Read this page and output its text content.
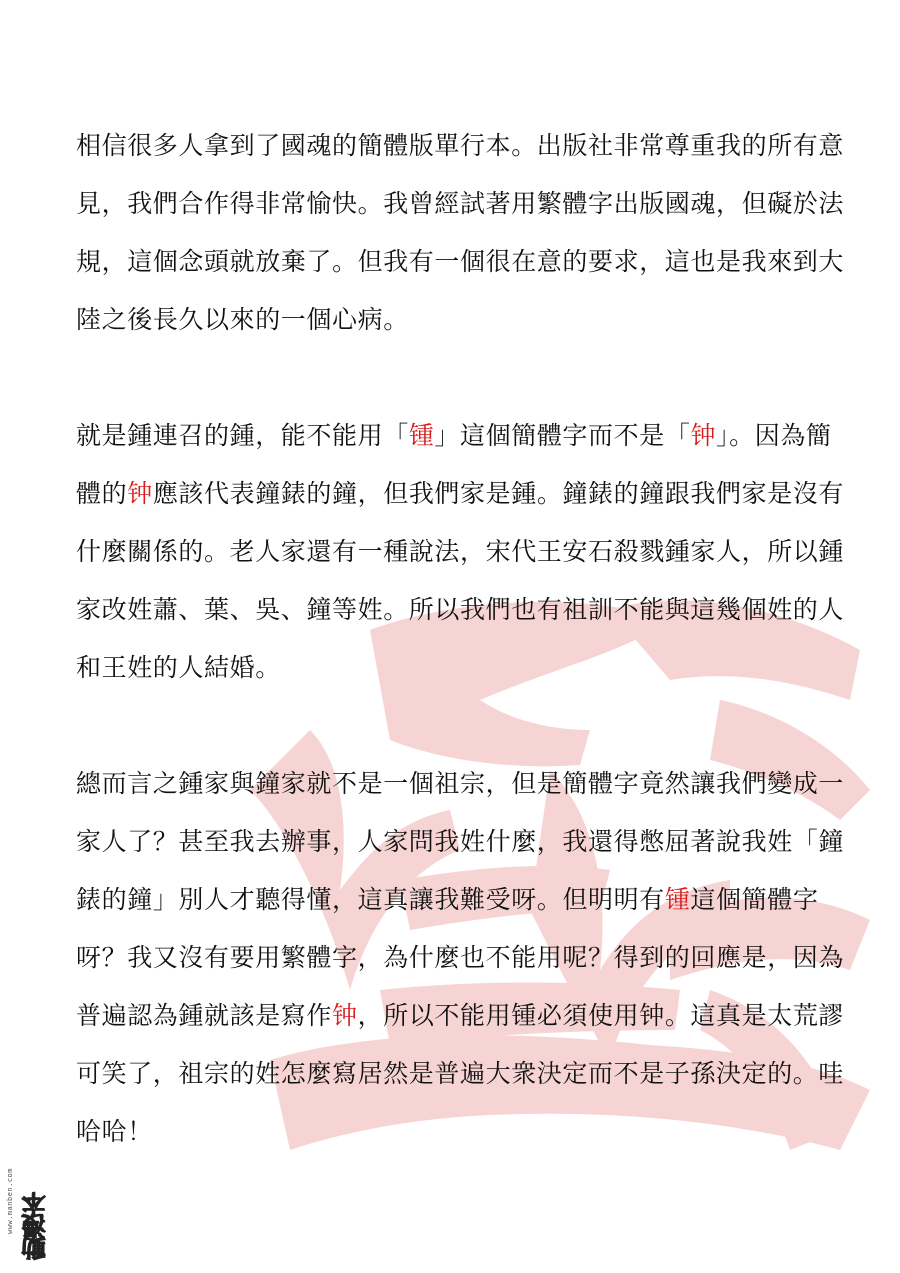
相信很多人拿到了國魂的簡體版單行本。出版社非常尊重我的所有意見，我們合作得非常愉快。我曾經試著用繁體字出版國魂，但礙於法規，這個念頭就放棄了。但我有一個很在意的要求，這也是我來到大陸之後長久以來的一個心病。

就是鍾連召的鍾，能不能用「锺」這個簡體字而不是「钟」。因為簡體的钟應該代表鐘錶的鐘，但我們家是鍾。鐘錶的鐘跟我們家是沒有什麼關係的。老人家還有一種說法，宋代王安石殺戮鍾家人，所以鍾家改姓蕭、葉、吳、鐘等姓。所以我們也有祖訓不能與這幾個姓的人和王姓的人結婚。

總而言之鍾家與鐘家就不是一個祖宗，但是簡體字竟然讓我們變成一家人了？甚至我去辦事，人家問我姓什麼，我還得憋屈著說我姓「鐘錶的鐘」別人才聽得懂，這真讓我難受呀。但明明有锺這個簡體字呀？我又沒有要用繁體字，為什麼也不能用呢？得到的回應是，因為普遍認為鍾就該是寫作钟，所以不能用锺必須使用钟。這真是太荒謬可笑了，祖宗的姓怎麼寫居然是普遍大衆決定而不是子孫決定的。哇哈哈！

www.manben.com 動漫本
